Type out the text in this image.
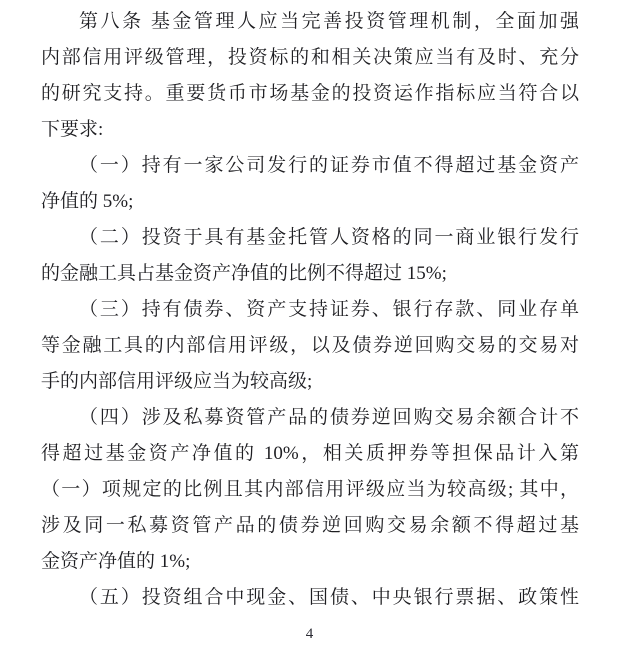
第八条 基金管理人应当完善投资管理机制，全面加强
内部信用评级管理，投资标的和相关决策应当有及时、充分
的研究支持。重要货币市场基金的投资运作指标应当符合以
下要求:
（一）持有一家公司发行的证券市值不得超过基金资产
净值的 5%;
（二）投资于具有基金托管人资格的同一商业银行发行
的金融工具占基金资产净值的比例不得超过 15%;
（三）持有债券、资产支持证券、银行存款、同业存单
等金融工具的内部信用评级，以及债券逆回购交易的交易对
手的内部信用评级应当为较高级;
（四）涉及私募资管产品的债券逆回购交易余额合计不
得超过基金资产净值的 10%，相关质押券等担保品计入第
（一）项规定的比例且其内部信用评级应当为较高级; 其中，
涉及同一私募资管产品的债券逆回购交易余额不得超过基
金资产净值的 1%;
（五）投资组合中现金、国债、中央银行票据、政策性
4
